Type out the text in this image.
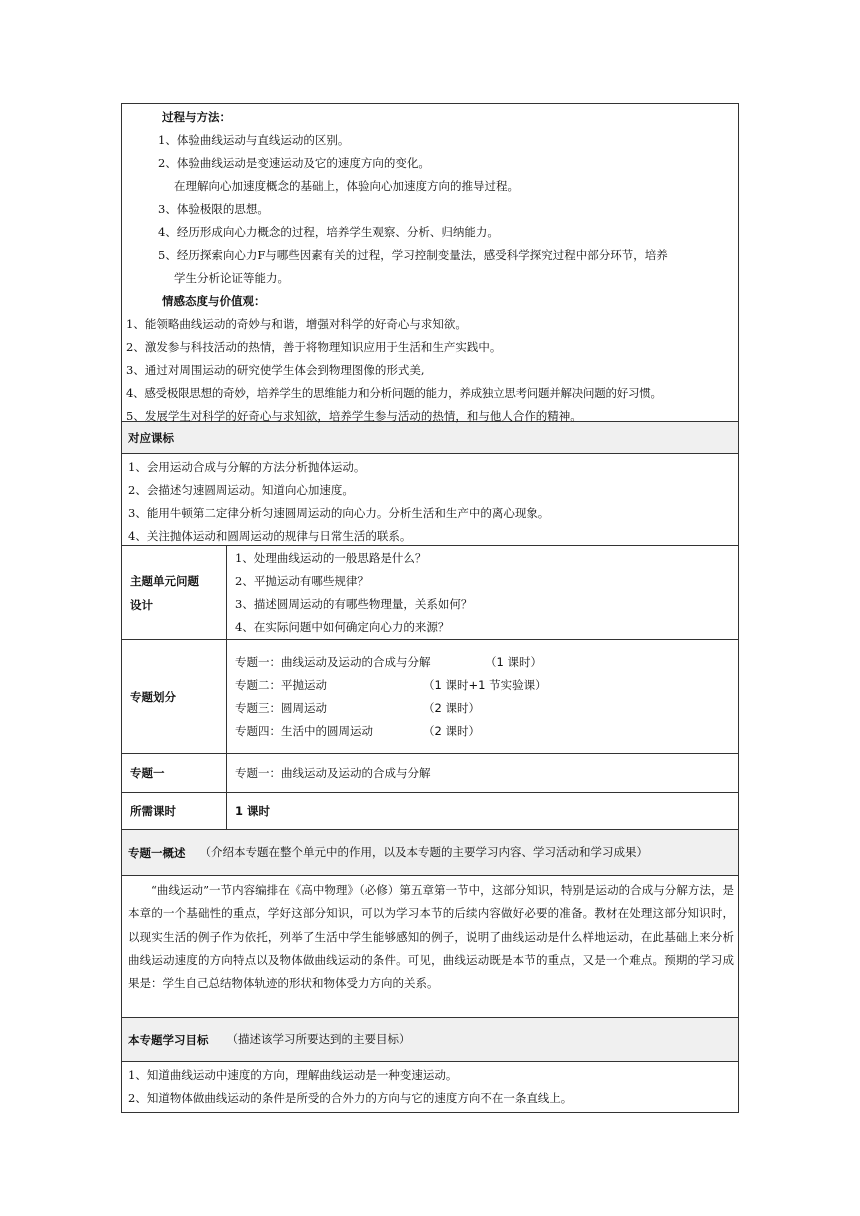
过程与方法：
1、体验曲线运动与直线运动的区别。
2、体验曲线运动是变速运动及它的速度方向的变化。
在理解向心加速度概念的基础上，体验向心加速度方向的推导过程。
3、体验极限的思想。
4、经历形成向心力概念的过程，培养学生观察、分析、归纳能力。
5、经历探索向心力F与哪些因素有关的过程，学习控制变量法，感受科学探究过程中部分环节，培养
学生分析论证等能力。
情感态度与价值观：
1、能领略曲线运动的奇妙与和谐，增强对科学的好奇心与求知欲。
2、激发参与科技活动的热情，善于将物理知识应用于生活和生产实践中。
3、通过对周围运动的研究使学生体会到物理图像的形式美,
4、感受极限思想的奇妙，培养学生的思维能力和分析问题的能力，养成独立思考问题并解决问题的好习惯。
5、发展学生对科学的好奇心与求知欲，培养学生参与活动的热情，和与他人合作的精神。
对应课标
1、会用运动合成与分解的方法分析抛体运动。
2、会描述匀速圆周运动。知道向心加速度。
3、能用牛顿第二定律分析匀速圆周运动的向心力。分析生活和生产中的离心现象。
4、关注抛体运动和圆周运动的规律与日常生活的联系。
主题单元问题
设计
1、处理曲线运动的一般思路是什么？
2、平抛运动有哪些规律？
3、描述圆周运动的有哪些物理量，关系如何？
4、在实际问题中如何确定向心力的来源？
专题划分
专题一：曲线运动及运动的合成与分解	（1 课时）
专题二：平抛运动	（1 课时+1 节实验课）
专题三：圆周运动	（2 课时）
专题四：生活中的圆周运动	（2 课时）
专题一	专题一：曲线运动及运动的合成与分解
所需课时	1 课时
专题一概述	（介绍本专题在整个单元中的作用，以及本专题的主要学习内容、学习活动和学习成果）
“曲线运动”一节内容编排在《高中物理》（必修）第五章第一节中，这部分知识，特别是运动的合成与分解方法，是本章的一个基础性的重点，学好这部分知识，可以为学习本节的后续内容做好必要的准备。教材在处理这部分知识时，以现实生活的例子作为依托，列举了生活中学生能够感知的例子，说明了曲线运动是什么样地运动，在此基础上来分析曲线运动速度的方向特点以及物体做曲线运动的条件。可见，曲线运动既是本节的重点，又是一个难点。预期的学习成果是：学生自己总结物体轨迹的形状和物体受力方向的关系。
本专题学习目标	（描述该学习所要达到的主要目标）
1、知道曲线运动中速度的方向，理解曲线运动是一种变速运动。
2、知道物体做曲线运动的条件是所受的合外力的方向与它的速度方向不在一条直线上。
